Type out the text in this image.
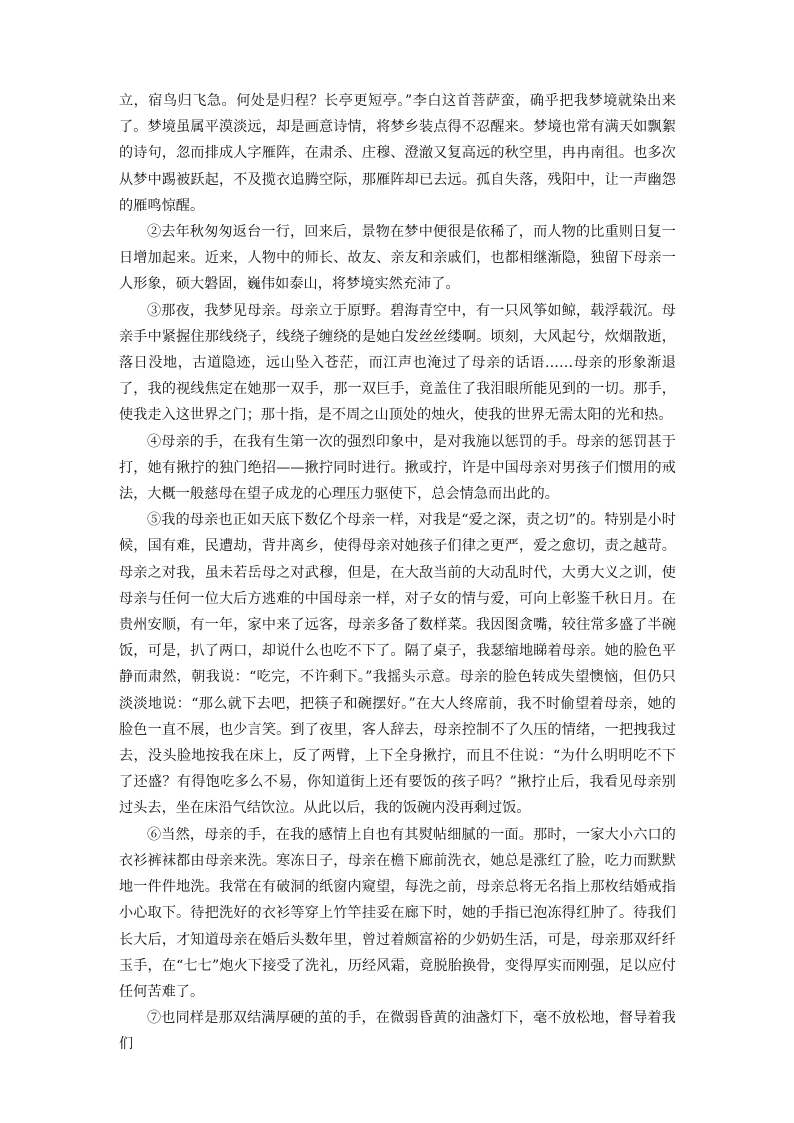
立，宿鸟归飞急。何处是归程？长亭更短亭。”李白这首菩萨蛮，确乎把我梦境就染出来了。梦境虽属平漠淡远，却是画意诗情，将梦乡装点得不忍醒来。梦境也常有满天如飘絮的诗句，忽而排成人字雁阵，在肃杀、庄穆、澄澈又复高远的秋空里，冉冉南徂。也多次从梦中踢被跃起，不及揽衣追腾空际，那雁阵却已去远。孤自失落，残阳中，让一声幽怨的雁鸣惊醒。

②去年秋匆匆返台一行，回来后，景物在梦中便很是依稀了，而人物的比重则日复一日增加起来。近来，人物中的师长、故友、亲友和亲戚们，也都相继渐隐，独留下母亲一人形象，硕大磐固，巍伟如泰山，将梦境实然充沛了。

③那夜，我梦见母亲。母亲立于原野。碧海青空中，有一只风筝如鲸，载浮载沉。母亲手中紧握住那线绕子，线绕子缠绕的是她白发丝丝缕啊。顷刻，大风起兮，炊烟散逝，落日没地，古道隐迹，远山坠入苍茫，而江声也淹过了母亲的话语……母亲的形象渐退了，我的视线焦定在她那一双手，那一双巨手，竟盖住了我泪眼所能见到的一切。那手，使我走入这世界之门；那十指，是不周之山顶处的烛火，使我的世界无需太阳的光和热。

④母亲的手，在我有生第一次的强烈印象中，是对我施以惩罚的手。母亲的惩罚甚于打，她有揪拧的独门绝招——揪拧同时进行。揪或拧，许是中国母亲对男孩子们惯用的戒法，大概一般慈母在望子成龙的心理压力驱使下，总会情急而出此的。

⑤我的母亲也正如天底下数亿个母亲一样，对我是“爱之深，责之切”的。特别是小时候，国有难，民遭劫，背井离乡，使得母亲对她孩子们律之更严，爱之愈切，责之越苛。母亲之对我，虽未若岳母之对武穆，但是，在大敌当前的大动乱时代，大勇大义之训，使母亲与任何一位大后方逃难的中国母亲一样，对子女的情与爱，可向上彰鉴千秋日月。在贵州安顺，有一年，家中来了远客，母亲多备了数样菜。我因图贪嘴，较往常多盛了半碗饭，可是，扒了两口，却说什么也吃不下了。隔了桌子，我瑟缩地睇着母亲。她的脸色平静而肃然，朝我说：“吃完，不许剩下。”我摇头示意。母亲的脸色转成失望懊恼，但仍只淡淡地说：“那么就下去吧，把筷子和碗摆好。”在大人终席前，我不时偷望着母亲，她的脸色一直不展，也少言笑。到了夜里，客人辞去，母亲控制不了久压的情绪，一把拽我过去，没头脸地按我在床上，反了两臂，上下全身揪拧，而且不住说：“为什么明明吃不下了还盛？有得饱吃多么不易，你知道街上还有要饭的孩子吗？”揪拧止后，我看见母亲别过头去，坐在床沿气结饮泣。从此以后，我的饭碗内没再剩过饭。

⑥当然，母亲的手，在我的感情上自也有其熨帖细腻的一面。那时，一家大小六口的衣衫裤袜都由母亲来洗。寒冻日子，母亲在檐下廊前洗衣，她总是涨红了脸，吃力而默默地一件件地洗。我常在有破洞的纸窗内窥望，每洗之前，母亲总将无名指上那枚结婚戒指小心取下。待把洗好的衣衫等穿上竹竿挂妥在廊下时，她的手指已泡冻得红肿了。待我们长大后，才知道母亲在婚后头数年里，曾过着颇富裕的少奶奶生活，可是，母亲那双纤纤玉手，在“七七”炮火下接受了洗礼，历经风霜，竟脱胎换骨，变得厚实而刚强，足以应付任何苦难了。

⑦也同样是那双结满厚硬的茧的手，在微弱昏黄的油盏灯下，毫不放松地，督导着我们
